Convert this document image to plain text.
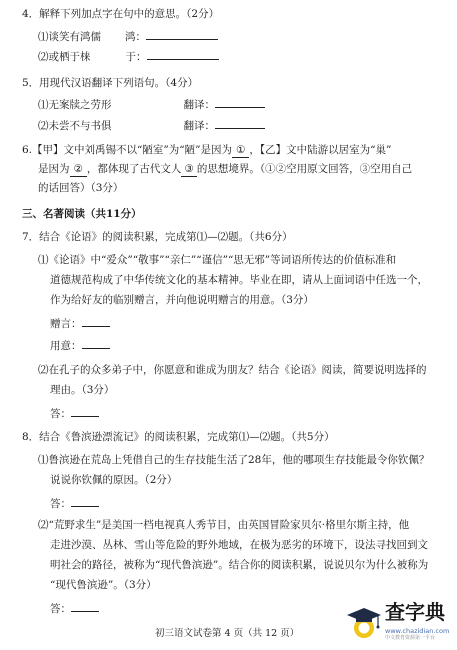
4．解释下列加点字在句中的意思。（2分）
⑴谈笑有鸿儒 鸿：
⑵或栖于梾	于：
5．用现代汉语翻译下列语句。（4分）
⑴无案牍之劳形	翻译：
⑵未尝不与书俱	翻译：
6.【甲】文中刘禹锡不以“陋室”为“陋”是因为 ① ，【乙】文中陆游以居室为“巢”
是因为 ② ，都体现了古代文人 ③ 的思想境界。（①②空用原文回答，③空用自己
的话回答）（3分）
三、名著阅读（共11分）
7．结合《论语》的阅读积累，完成第⑴—⑵题。（共6分）
⑴《论语》中“爱众”“敬事”“亲仁”“谨信”“思无邪”等词语所传达的价值标准和
道德规范构成了中华传统文化的基本精神。毕业在即，请从上面词语中任选一个，
作为给好友的临别赠言，并向他说明赠言的用意。（3分）
赠言：
用意：
⑵在孔子的众多弟子中，你愿意和谁成为朋友？结合《论语》阅读，简要说明选择的
理由。（3分）
答：
8．结合《鲁滨逊漂流记》的阅读积累，完成第⑴—⑵题。（共5分）
⑴鲁滨逊在荒岛上凭借自己的生存技能生活了28年，他的哪项生存技能最令你钦佩？
说说你钦佩的原因。（2分）
答：
⑵“荒野求生”是美国一档电视真人秀节目，由英国冒险家贝尔·格里尔斯主持，他
走进沙漠、丛林、雪山等危险的野外地域，在极为恶劣的环境下，设法寻找回到文
明社会的路径，被称为“现代鲁滨逊”。结合你的阅读积累，说说贝尔为什么被称为
“现代鲁滨逊”。（3分）
答：
初三语文试卷第 4 页（共 12 页）
查字典
www.chazidian.com
中文教育资源第一平台
